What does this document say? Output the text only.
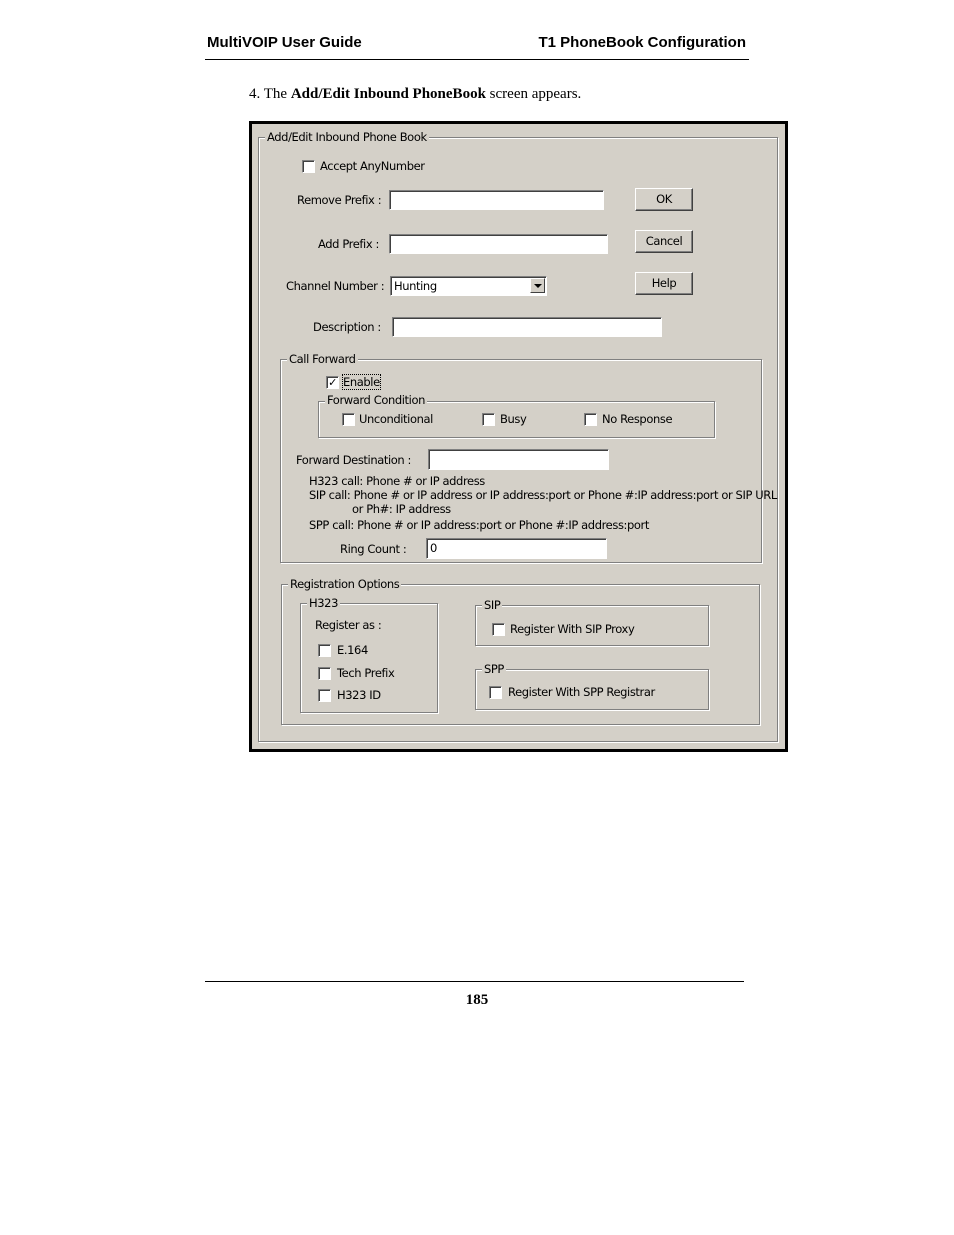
MultiVOIP User Guide	T1 PhoneBook Configuration
4. The Add/Edit Inbound PhoneBook screen appears.
Add/Edit Inbound Phone Book
Accept AnyNumber
Remove Prefix :
Add Prefix :
Channel Number : Hunting
Description :
OK
Cancel
Help
Call Forward
✓ Enable
Forward Condition
Unconditional	Busy	No Response
Forward Destination :
H323 call: Phone # or IP address
SIP call: Phone # or IP address or IP address:port or Phone #:IP address:port or SIP URL
or Ph#: IP address
SPP call: Phone # or IP address:port or Phone #:IP address:port
Ring Count :	0
Registration Options
H323
Register as :
E.164
Tech Prefix
H323 ID
SIP
Register With SIP Proxy
SPP
Register With SPP Registrar
185
